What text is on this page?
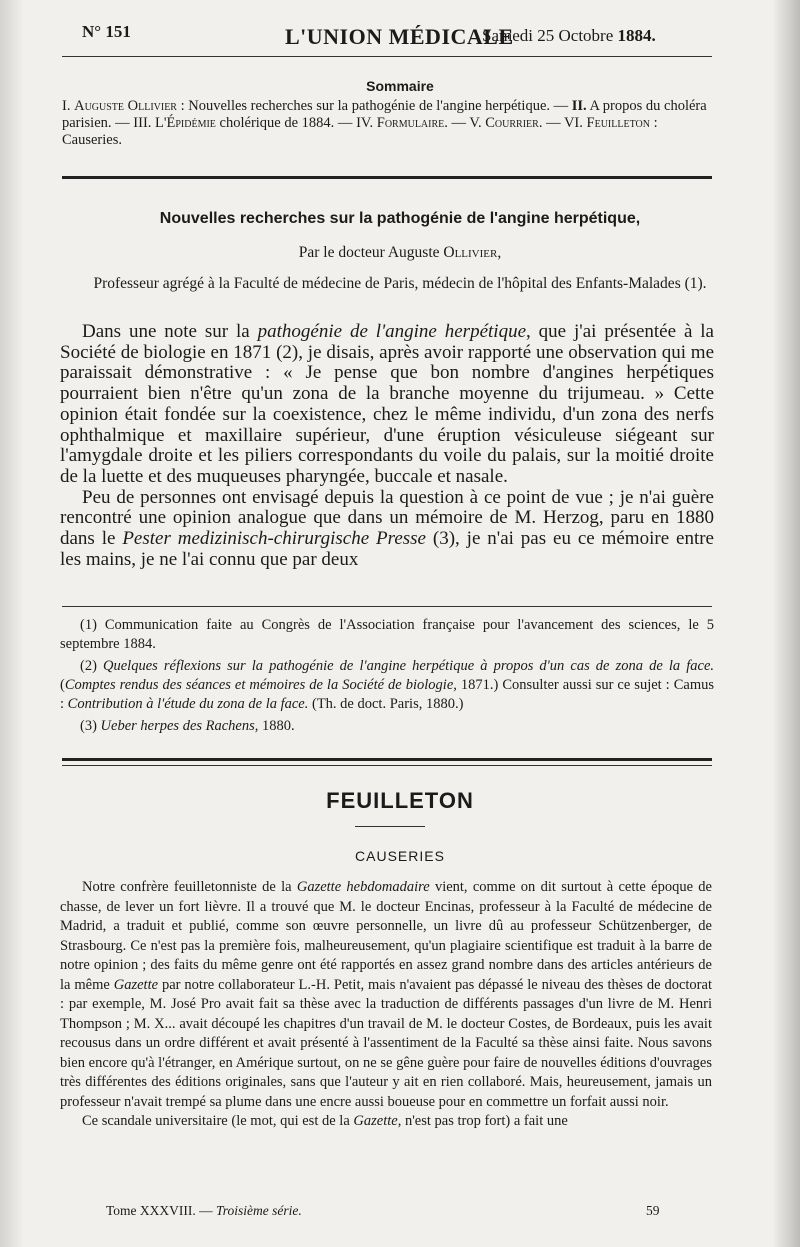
N° 151	L'UNION MÉDICALE
Samedi 25 Octobre 1884.
Sommaire
I. Auguste Ollivier : Nouvelles recherches sur la pathogénie de l'angine herpétique. — II. A propos du choléra parisien. — III. L'Épidémie cholérique de 1884. — IV. Formulaire. — V. Courrier. — VI. Feuilleton : Causeries.
Nouvelles recherches sur la pathogénie de l'angine herpétique,
Par le docteur Auguste Ollivier,
Professeur agrégé à la Faculté de médecine de Paris, médecin de l'hôpital des Enfants-Malades (1).

Dans une note sur la pathogénie de l'angine herpétique, que j'ai présentée à la Société de biologie en 1871 (2), je disais, après avoir rapporté une observation qui me paraissait démonstrative : « Je pense que bon nombre d'angines herpétiques pourraient bien n'être qu'un zona de la branche moyenne du trijumeau. » Cette opinion était fondée sur la coexistence, chez le même individu, d'un zona des nerfs ophthalmique et maxillaire supérieur, d'une éruption vésiculeuse siégeant sur l'amygdale droite et les piliers correspondants du voile du palais, sur la moitié droite de la luette et des muqueuses pharyngée, buccale et nasale.

Peu de personnes ont envisagé depuis la question à ce point de vue ; je n'ai guère rencontré une opinion analogue que dans un mémoire de M. Herzog, paru en 1880 dans le Pester medizinisch-chirurgische Presse (3), je n'ai pas eu ce mémoire entre les mains, je ne l'ai connu que par deux

(1) Communication faite au Congrès de l'Association française pour l'avancement des sciences, le 5 septembre 1884.

(2) Quelques réflexions sur la pathogénie de l'angine herpétique à propos d'un cas de zona de la face. (Comptes rendus des séances et mémoires de la Société de biologie, 1871.) Consulter aussi sur ce sujet : Camus : Contribution à l'étude du zona de la face. (Th. de doct. Paris, 1880.)

(3) Ueber herpes des Rachens, 1880.

FEUILLETON
CAUSERIES

Notre confrère feuilletonniste de la Gazette hebdomadaire vient, comme on dit surtout à cette époque de chasse, de lever un fort lièvre. Il a trouvé que M. le docteur Encinas, professeur à la Faculté de médecine de Madrid, a traduit et publié, comme son œuvre personnelle, un livre dû au professeur Schützenberger, de Strasbourg. Ce n'est pas la première fois, malheureusement, qu'un plagiaire scientifique est traduit à la barre de notre opinion ; des faits du même genre ont été rapportés en assez grand nombre dans des articles antérieurs de la même Gazette par notre collaborateur L.-H. Petit, mais n'avaient pas dépassé le niveau des thèses de doctorat : par exemple, M. José Pro avait fait sa thèse avec la traduction de différents passages d'un livre de M. Henri Thompson ; M. X... avait découpé les chapitres d'un travail de M. le docteur Costes, de Bordeaux, puis les avait recousus dans un ordre différent et avait présenté à l'assentiment de la Faculté sa thèse ainsi faite. Nous savons bien encore qu'à l'étranger, en Amérique surtout, on ne se gêne guère pour faire de nouvelles éditions d'ouvrages très différentes des éditions originales, sans que l'auteur y ait en rien collaboré. Mais, heureusement, jamais un professeur n'avait trempé sa plume dans une encre aussi boueuse pour en commettre un forfait aussi noir.

Ce scandale universitaire (le mot, qui est de la Gazette, n'est pas trop fort) a fait une

Tome XXXVIII. — Troisième série.	59
